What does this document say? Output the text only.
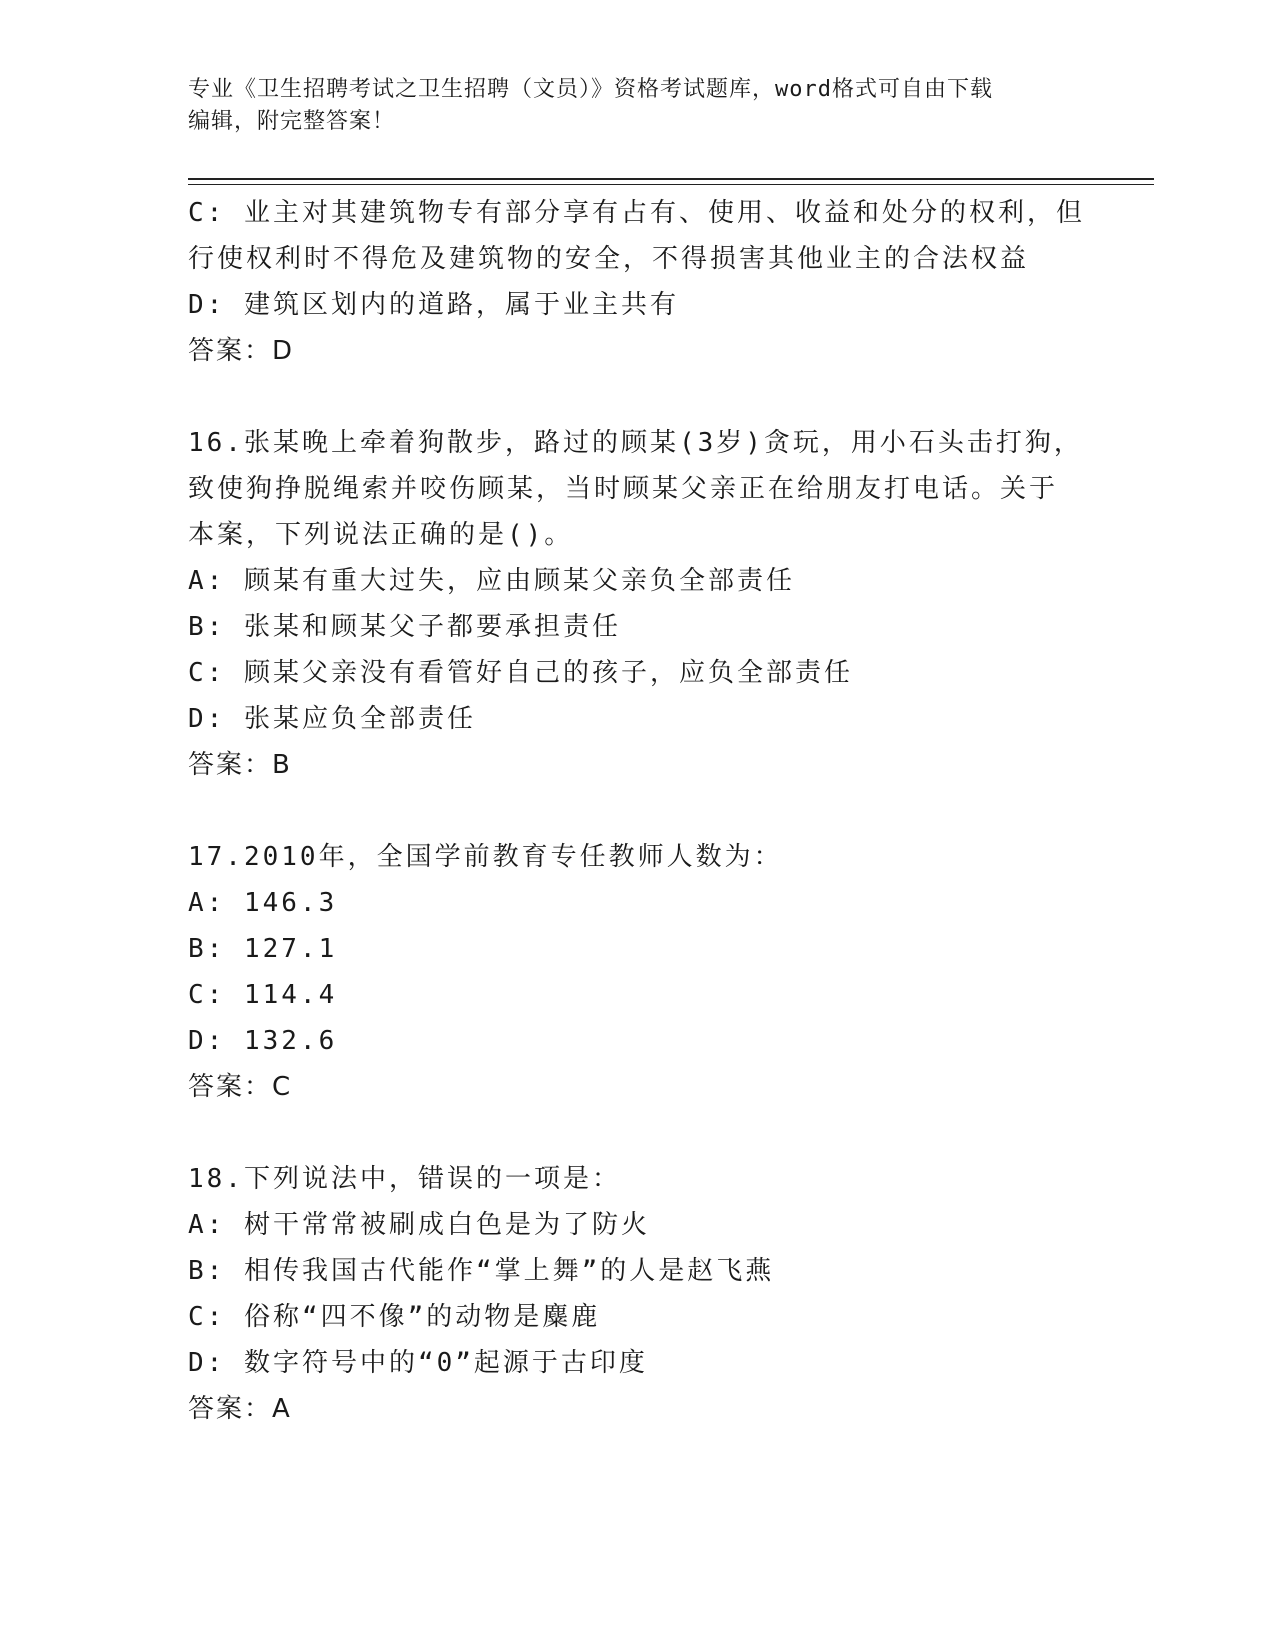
专业《卫生招聘考试之卫生招聘（文员）》资格考试题库，word格式可自由下载
编辑，附完整答案！
C: 业主对其建筑物专有部分享有占有、使用、收益和处分的权利，但
行使权利时不得危及建筑物的安全，不得损害其他业主的合法权益
D: 建筑区划内的道路，属于业主共有
答案：D
16.张某晚上牵着狗散步，路过的顾某(3岁)贪玩，用小石头击打狗，
致使狗挣脱绳索并咬伤顾某，当时顾某父亲正在给朋友打电话。关于
本案，下列说法正确的是()。
A: 顾某有重大过失，应由顾某父亲负全部责任
B: 张某和顾某父子都要承担责任
C: 顾某父亲没有看管好自己的孩子，应负全部责任
D: 张某应负全部责任
答案：B
17.2010年，全国学前教育专任教师人数为：
A: 146.3
B: 127.1
C: 114.4
D: 132.6
答案：C
18.下列说法中，错误的一项是：
A: 树干常常被刷成白色是为了防火
B: 相传我国古代能作“掌上舞”的人是赵飞燕
C: 俗称“四不像”的动物是麋鹿
D: 数字符号中的“0”起源于古印度
答案：A
